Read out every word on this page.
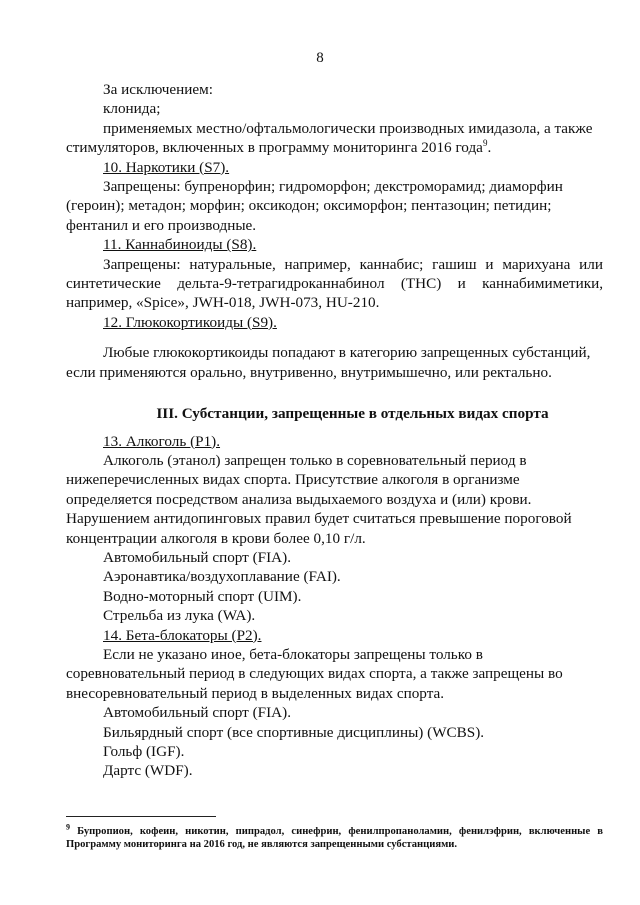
8

За исключением:

клонида;

применяемых местно/офтальмологически производных имидазола, а также стимуляторов, включенных в программу мониторинга 2016 года$^9$.

10. Наркотики (S7).

Запрещены: бупренорфин; гидроморфон; декстроморамид; диаморфин (героин); метадон; морфин; оксикодон; оксиморфон; пентазоцин; петидин; фентанил и его производные.

11. Каннабиноиды (S8).

Запрещены: натуральные, например, каннабис; гашиш и марихуана или синтетические дельта-9-тетрагидроканнабинол (THC) и каннабимиметики,

например, «Spice», JWH-018, JWH-073, HU-210.

12. Глюкокортикоиды (S9).

Любые глюкокортикоиды попадают в категорию запрещенных субстанций, если применяются орально, внутривенно, внутримышечно, или ректально.

III. Субстанции, запрещенные в отдельных видах спорта

13. Алкоголь (P1).

Алкоголь (этанол) запрещен только в соревновательный период в нижеперечисленных видах спорта. Присутствие алкоголя в организме определяется посредством анализа выдыхаемого воздуха и (или) крови. Нарушением антидопинговых правил будет считаться превышение пороговой концентрации алкоголя в крови более 0,10 г/л.

Автомобильный спорт (FIA).

Аэронавтика/воздухоплавание (FAI).

Водно-моторный спорт (UIM).

Стрельба из лука (WA).

14. Бета-блокаторы (P2).

Если не указано иное, бета-блокаторы запрещены только в соревновательный период в следующих видах спорта, а также запрещены во внесоревновательный период в выделенных видах спорта.

Автомобильный спорт (FIA).

Бильярдный спорт (все спортивные дисциплины) (WCBS).

Гольф (IGF).

Дартс (WDF).

$^9$ Бупропион, кофеин, никотин, пипрадол, синефрин, фенилпропаноламин, фенилэфрин, включенные в Программу мониторинга на 2016 год, не являются запрещенными субстанциями.
